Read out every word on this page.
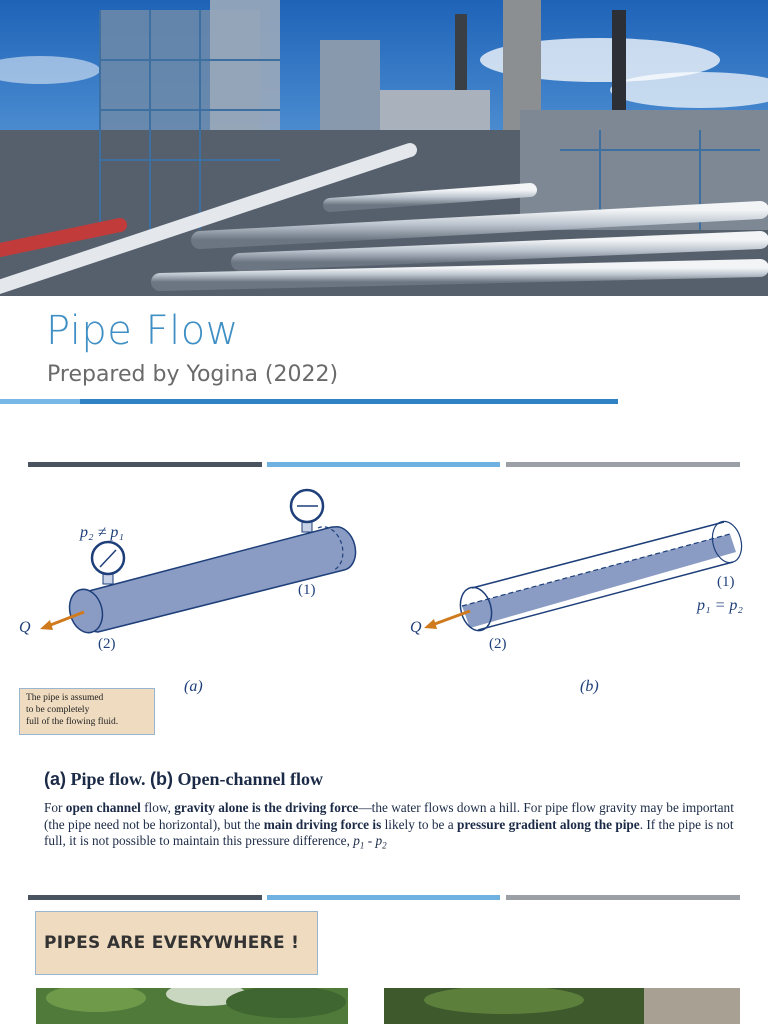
Pipe Flow
Prepared by Yogina (2022)
p₂ ≠ p₁
(1)
(2)
Q
(a)
(1)
p₁ = p₂
(2)
Q
(b)
The pipe is assumed
to be completely
full of the flowing fluid.
(a) Pipe flow. (b) Open-channel flow
For open channel flow, gravity alone is the driving force—the water flows down a hill. For pipe flow gravity may be important (the pipe need not be horizontal), but the main driving force is likely to be a pressure gradient along the pipe. If the pipe is not full, it is not possible to maintain this pressure difference, $p_1 - p_2$
PIPES ARE EVERYWHERE !
